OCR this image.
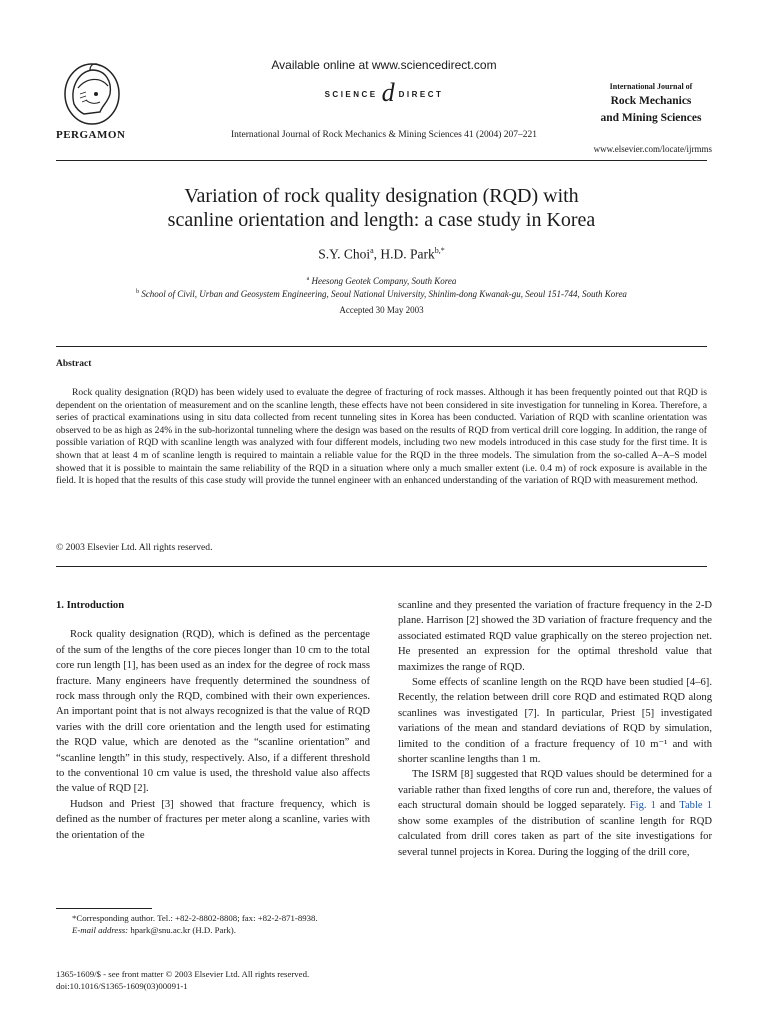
Available online at www.sciencedirect.com
SCIENCE d DIRECT
PERGAMON	International Journal of Rock Mechanics & Mining Sciences 41 (2004) 207–221
International Journal of
Rock Mechanics
and Mining Sciences
www.elsevier.com/locate/ijrmms
Variation of rock quality designation (RQD) with
scanline orientation and length: a case study in Korea
S.Y. Choi$^a$, H.D. Park$^{b,*}$
$^a$ Heesong Geotek Company, South Korea
$^b$ School of Civil, Urban and Geosystem Engineering, Seoul National University, Shinlim-dong Kwanak-gu, Seoul 151-744, South Korea
Accepted 30 May 2003
Abstract
Rock quality designation (RQD) has been widely used to evaluate the degree of fracturing of rock masses. Although it has been frequently pointed out that RQD is dependent on the orientation of measurement and on the scanline length, these effects have not been considered in site investigation for tunneling in Korea. Therefore, a series of practical examinations using in situ data collected from recent tunneling sites in Korea has been conducted. Variation of RQD with scanline orientation was observed to be as high as 24% in the sub-horizontal tunneling where the design was based on the results of RQD from vertical drill core logging. In addition, the range of possible variation of RQD with scanline length was analyzed with four different models, including two new models introduced in this case study for the first time. It is shown that at least 4 m of scanline length is required to maintain a reliable value for the RQD in the three models. The simulation from the so-called A–A–S model showed that it is possible to maintain the same reliability of the RQD in a situation where only a much smaller extent (i.e. 0.4 m) of rock exposure is available in the field. It is hoped that the results of this case study will provide the tunnel engineer with an enhanced understanding of the variation of RQD with measurement method.
© 2003 Elsevier Ltd. All rights reserved.
1. Introduction

Rock quality designation (RQD), which is defined as the percentage of the sum of the lengths of the core pieces longer than 10 cm to the total core run length [1], has been used as an index for the degree of rock mass fracture. Many engineers have frequently determined the soundness of rock mass through only the RQD, combined with their own experiences. An important point that is not always recognized is that the value of RQD varies with the drill core orientation and the length used for estimating the RQD value, which are denoted as the “scanline orientation” and “scanline length” in this study, respectively. Also, if a different threshold to the conventional 10 cm value is used, the threshold value also affects the value of RQD [2].

Hudson and Priest [3] showed that fracture frequency, which is defined as the number of fractures per meter along a scanline, varies with the orientation of the

scanline and they presented the variation of fracture frequency in the 2-D plane. Harrison [2] showed the 3D variation of fracture frequency and the associated estimated RQD value graphically on the stereo projection net. He presented an expression for the optimal threshold value that maximizes the range of RQD.

Some effects of scanline length on the RQD have been studied [4–6]. Recently, the relation between drill core RQD and estimated RQD along scanlines was investigated [7]. In particular, Priest [5] investigated variations of the mean and standard deviations of RQD by simulation, limited to the condition of a fracture frequency of 10 m⁻¹ and with shorter scanline lengths than 1 m.

The ISRM [8] suggested that RQD values should be determined for a variable rather than fixed lengths of core run and, therefore, the values of each structural domain should be logged separately. Fig. 1 and Table 1 show some examples of the distribution of scanline length for RQD calculated from drill cores taken as part of the site investigations for several tunnel projects in Korea. During the logging of the drill core,

*Corresponding author. Tel.: +82-2-8802-8808; fax: +82-2-871-8938.

E-mail address: hpark@snu.ac.kr (H.D. Park).

1365-1609/$ - see front matter © 2003 Elsevier Ltd. All rights reserved.
doi:10.1016/S1365-1609(03)00091-1
